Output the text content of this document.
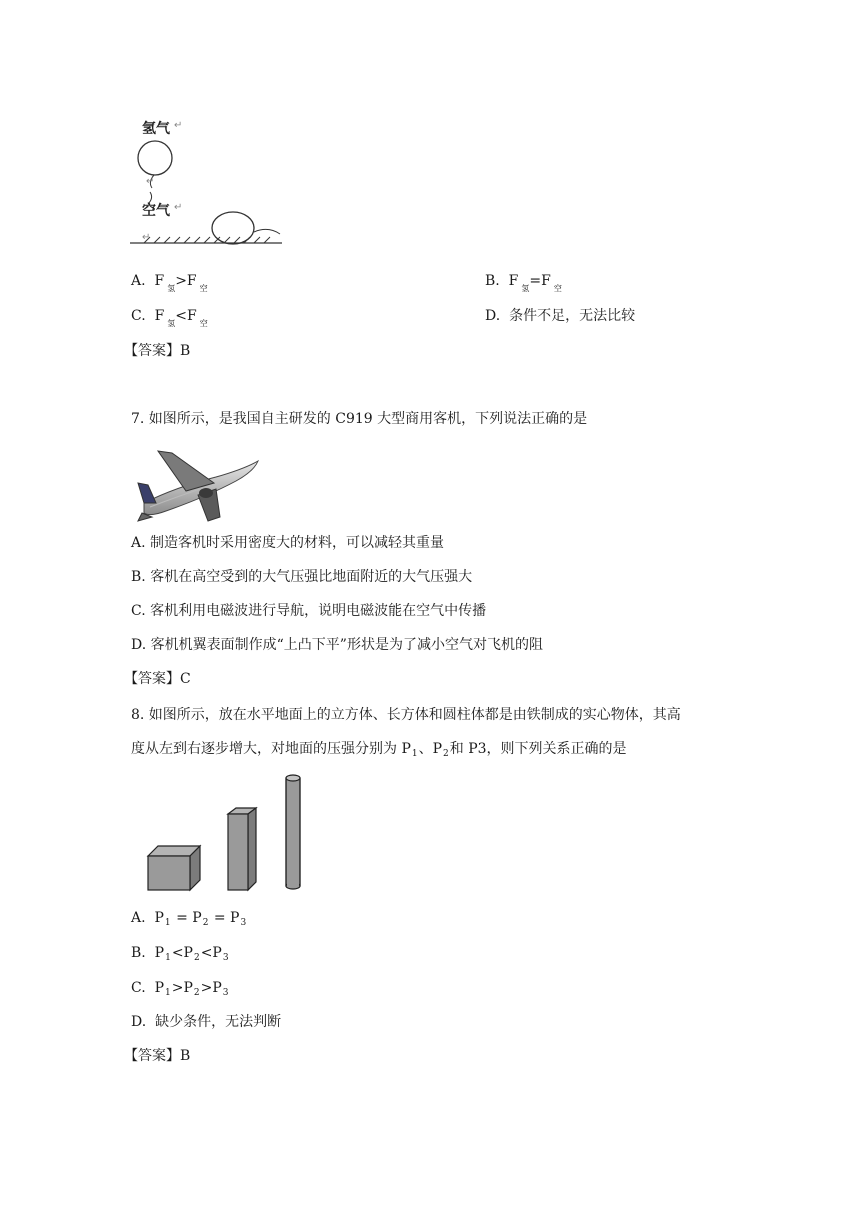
氢气 ↵
↵
空气 ↵
↵
A. F $_氢$>F $_空$	B. F $_氢$=F $_空$
C. F $_氢$<F $_空$	D. 条件不足，无法比较
【答案】B
7. 如图所示，是我国自主研发的 C919 大型商用客机，下列说法正确的是
A. 制造客机时采用密度大的材料，可以减轻其重量
B. 客机在高空受到的大气压强比地面附近的大气压强大
C. 客机利用电磁波进行导航，说明电磁波能在空气中传播
D. 客机机翼表面制作成“上凸下平”形状是为了减小空气对飞机的阻
【答案】C
8. 如图所示，放在水平地面上的立方体、长方体和圆柱体都是由铁制成的实心物体，其高
度从左到右逐步增大，对地面的压强分别为 $P_1$、$P_2$和 P3，则下列关系正确的是
A. $P_1 = P_2 = P_3$
B. $P_1<P_2<P_3$
C. $P_1>P_2>P_3$
D. 缺少条件，无法判断
【答案】B
